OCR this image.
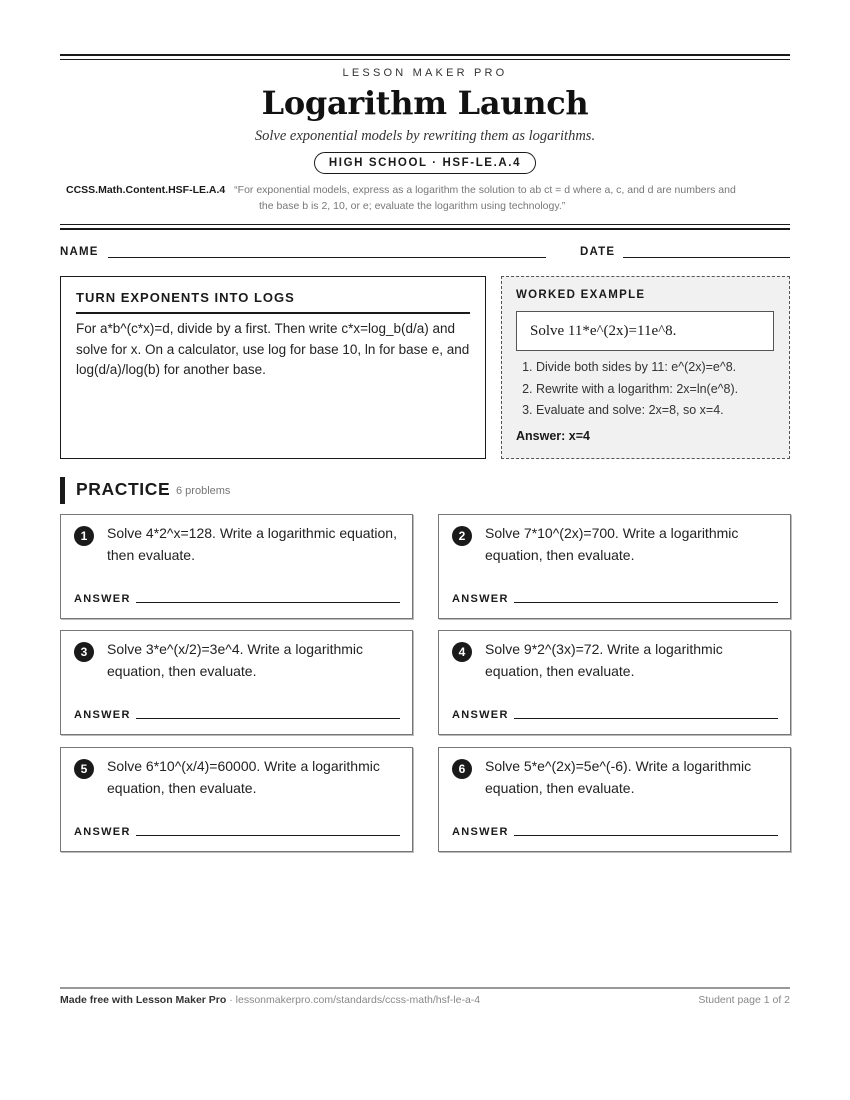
LESSON MAKER PRO
Logarithm Launch
Solve exponential models by rewriting them as logarithms.
HIGH SCHOOL · HSF-LE.A.4
CCSS.Math.Content.HSF-LE.A.4 “For exponential models, express as a logarithm the solution to ab ct = d where a, c, and d are numbers and
the base b is 2, 10, or e; evaluate the logarithm using technology.”
NAME	DATE
TURN EXPONENTS INTO LOGS
For a*b^(c*x)=d, divide by a first. Then write c*x=log_b(d/a) and solve for x. On a calculator, use log for base 10, ln for base e, and log(d/a)/log(b) for another base.
WORKED EXAMPLE
Solve 11*e^(2x)=11e^8.
1. Divide both sides by 11: e^(2x)=e^8.
2. Rewrite with a logarithm: 2x=ln(e^8).
3. Evaluate and solve: 2x=8, so x=4.
Answer: x=4
PRACTICE 6 problems
1	Solve 4*2^x=128. Write a logarithmic equation, then evaluate.
ANSWER
2	Solve 7*10^(2x)=700. Write a logarithmic equation, then evaluate.
ANSWER
3	Solve 3*e^(x/2)=3e^4. Write a logarithmic equation, then evaluate.
ANSWER
4	Solve 9*2^(3x)=72. Write a logarithmic equation, then evaluate.
ANSWER
5	Solve 6*10^(x/4)=60000. Write a logarithmic equation, then evaluate.
ANSWER
6	Solve 5*e^(2x)=5e^(-6). Write a logarithmic equation, then evaluate.
ANSWER
Made free with Lesson Maker Pro · lessonmakerpro.com/standards/ccss-math/hsf-le-a-4	Student page 1 of 2
